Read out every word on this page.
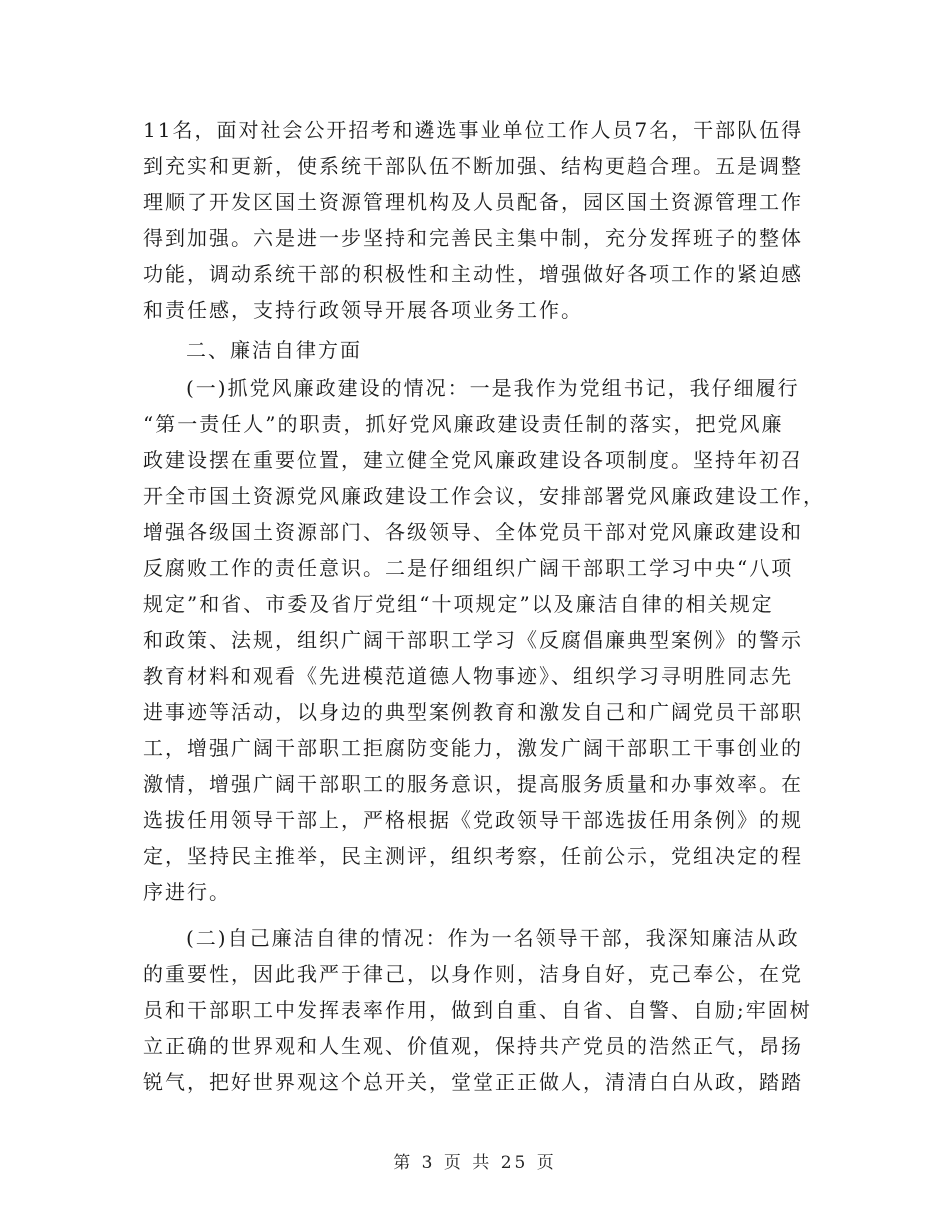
11名，面对社会公开招考和遴选事业单位工作人员7名，干部队伍得
到充实和更新，使系统干部队伍不断加强、结构更趋合理。五是调整
理顺了开发区国土资源管理机构及人员配备，园区国土资源管理工作
得到加强。六是进一步坚持和完善民主集中制，充分发挥班子的整体
功能，调动系统干部的积极性和主动性，增强做好各项工作的紧迫感
和责任感，支持行政领导开展各项业务工作。
二、廉洁自律方面
(一)抓党风廉政建设的情况：一是我作为党组书记，我仔细履行
“第一责任人”的职责，抓好党风廉政建设责任制的落实，把党风廉
政建设摆在重要位置，建立健全党风廉政建设各项制度。坚持年初召
开全市国土资源党风廉政建设工作会议，安排部署党风廉政建设工作，
增强各级国土资源部门、各级领导、全体党员干部对党风廉政建设和
反腐败工作的责任意识。二是仔细组织广阔干部职工学习中央“八项
规定”和省、市委及省厅党组“十项规定”以及廉洁自律的相关规定
和政策、法规，组织广阔干部职工学习《反腐倡廉典型案例》的警示
教育材料和观看《先进模范道德人物事迹》、组织学习寻明胜同志先
进事迹等活动，以身边的典型案例教育和激发自己和广阔党员干部职
工，增强广阔干部职工拒腐防变能力，激发广阔干部职工干事创业的
激情，增强广阔干部职工的服务意识，提高服务质量和办事效率。在
选拔任用领导干部上，严格根据《党政领导干部选拔任用条例》的规
定，坚持民主推举，民主测评，组织考察，任前公示，党组决定的程
序进行。
(二)自己廉洁自律的情况：作为一名领导干部，我深知廉洁从政
的重要性，因此我严于律己，以身作则，洁身自好，克己奉公，在党
员和干部职工中发挥表率作用，做到自重、自省、自警、自励;牢固树
立正确的世界观和人生观、价值观，保持共产党员的浩然正气，昂扬
锐气，把好世界观这个总开关，堂堂正正做人，清清白白从政，踏踏
第 3 页 共 25 页
